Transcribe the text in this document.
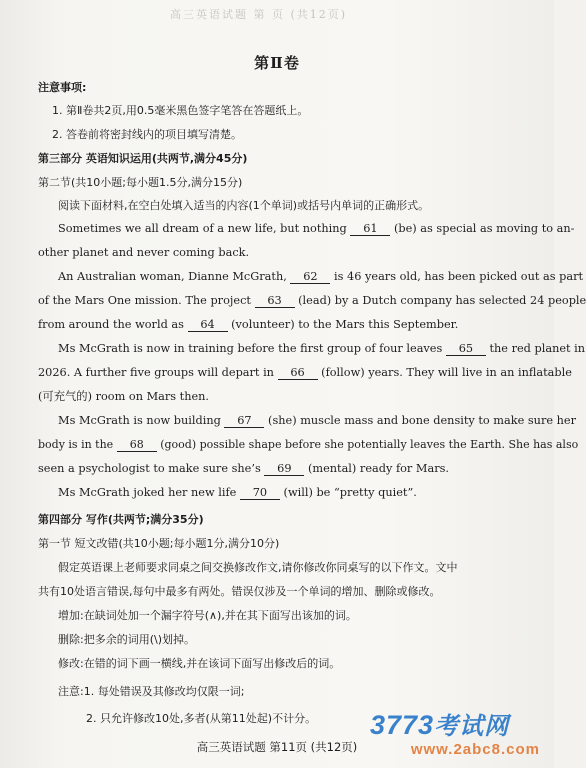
高三英语试题 第 页 (共12页)
第Ⅱ卷
注意事项:
1. 第Ⅱ卷共2页,用0.5毫米黑色签字笔答在答题纸上。
2. 答卷前将密封线内的项目填写清楚。
第三部分 英语知识运用(共两节,满分45分)
第二节(共10小题;每小题1.5分,满分15分)
阅读下面材料,在空白处填入适当的内容(1个单词)或括号内单词的正确形式。
Sometimes we all dream of a new life, but nothing 61 (be) as special as moving to an-
other planet and never coming back.
An Australian woman, Dianne McGrath, 62 is 46 years old, has been picked out as part
of the Mars One mission. The project 63 (lead) by a Dutch company has selected 24 people
from around the world as 64 (volunteer) to the Mars this September.
Ms McGrath is now in training before the first group of four leaves 65 the red planet in
2026. A further five groups will depart in 66 (follow) years. They will live in an inflatable
(可充气的) room on Mars then.
Ms McGrath is now building 67 (she) muscle mass and bone density to make sure her
body is in the 68 (good) possible shape before she potentially leaves the Earth. She has also
seen a psychologist to make sure she’s 69 (mental) ready for Mars.
Ms McGrath joked her new life 70 (will) be “pretty quiet”.
第四部分 写作(共两节;满分35分)
第一节 短文改错(共10小题;每小题1分,满分10分)
假定英语课上老师要求同桌之间交换修改作文,请你修改你同桌写的以下作文。文中
共有10处语言错误,每句中最多有两处。错误仅涉及一个单词的增加、删除或修改。
增加:在缺词处加一个漏字符号(∧),并在其下面写出该加的词。
删除:把多余的词用(\)划掉。
修改:在错的词下画一横线,并在该词下面写出修改后的词。
注意:1. 每处错误及其修改均仅限一词;
2. 只允许修改10处,多者(从第11处起)不计分。
高三英语试题 第11页 (共12页)
3773考试网
www.2abc8.com
